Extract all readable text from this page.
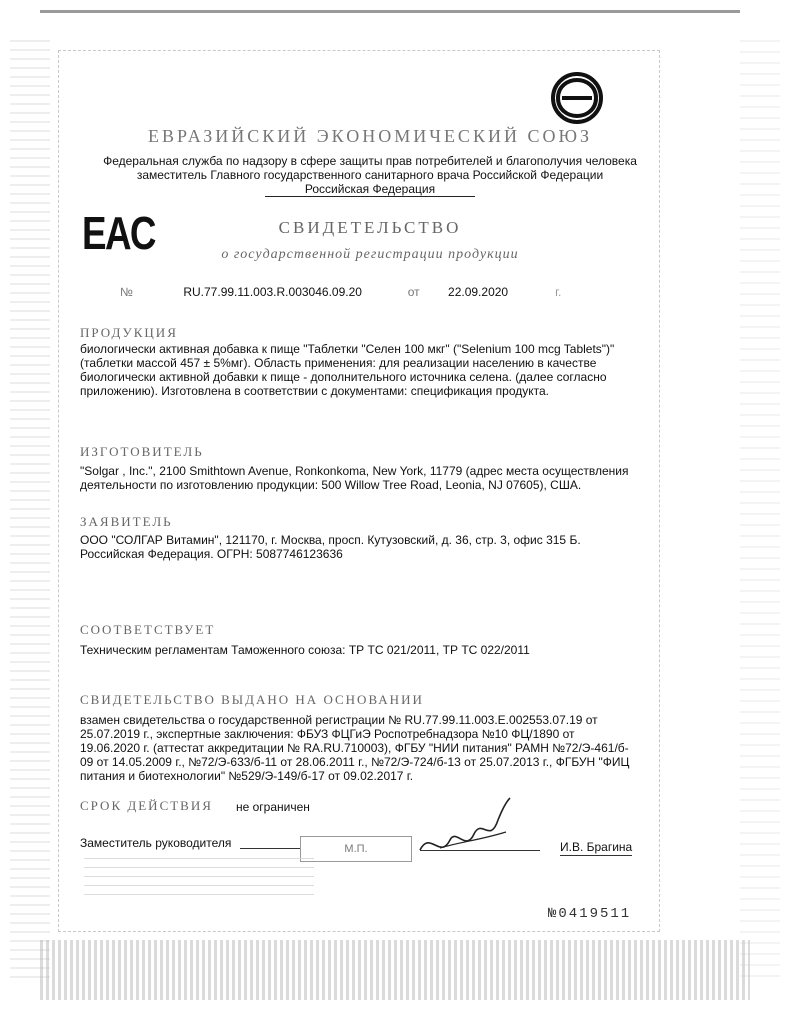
ЕВРАЗИЙСКИЙ ЭКОНОМИЧЕСКИЙ СОЮЗ
Федеральная служба по надзору в сфере защиты прав потребителей и благополучия человека
заместитель Главного государственного санитарного врача Российской Федерации
Российская Федерация
EAC	СВИДЕТЕЛЬСТВО
о государственной регистрации продукции
№	RU.77.99.11.003.R.003046.09.20	от 22.09.2020	г.
ПРОДУКЦИЯ
биологически активная добавка к пище "Таблетки "Селен 100 мкг" ("Selenium 100 mcg Tablets")"
(таблетки массой 457 ± 5%мг). Область применения: для реализации населению в качестве
биологически активной добавки к пище - дополнительного источника селена. (далее согласно
приложению). Изготовлена в соответствии с документами: спецификация продукта.
ИЗГОТОВИТЕЛЬ
"Solgar , Inc.", 2100 Smithtown Avenue, Ronkonkoma, New York, 11779 (адрес места осуществления
деятельности по изготовлению продукции: 500 Willow Tree Road, Leonia, NJ 07605), США.
ЗАЯВИТЕЛЬ
ООО "СОЛГАР Витамин", 121170, г. Москва, просп. Кутузовский, д. 36, стр. 3, офис 315 Б.
Российская Федерация. ОГРН: 5087746123636
СООТВЕТСТВУЕТ
Техническим регламентам Таможенного союза: ТР ТС 021/2011, ТР ТС 022/2011
СВИДЕТЕЛЬСТВО ВЫДАНО НА ОСНОВАНИИ
взамен свидетельства о государственной регистрации № RU.77.99.11.003.Е.002553.07.19 от
25.07.2019 г., экспертные заключения: ФБУЗ ФЦГиЭ Роспотребнадзора №10 ФЦ/1890 от
19.06.2020 г. (аттестат аккредитации № RA.RU.710003), ФГБУ "НИИ питания" РАМН №72/Э-461/б-
09 от 14.05.2009 г., №72/Э-633/б-11 от 28.06.2011 г., №72/Э-724/б-13 от 25.07.2013 г., ФГБУН "ФИЦ
питания и биотехнологии" №529/Э-149/б-17 от 09.02.2017 г.
СРОК ДЕЙСТВИЯ не ограничен
Заместитель руководителя	М.П.	И.В. Брагина
№0419511
